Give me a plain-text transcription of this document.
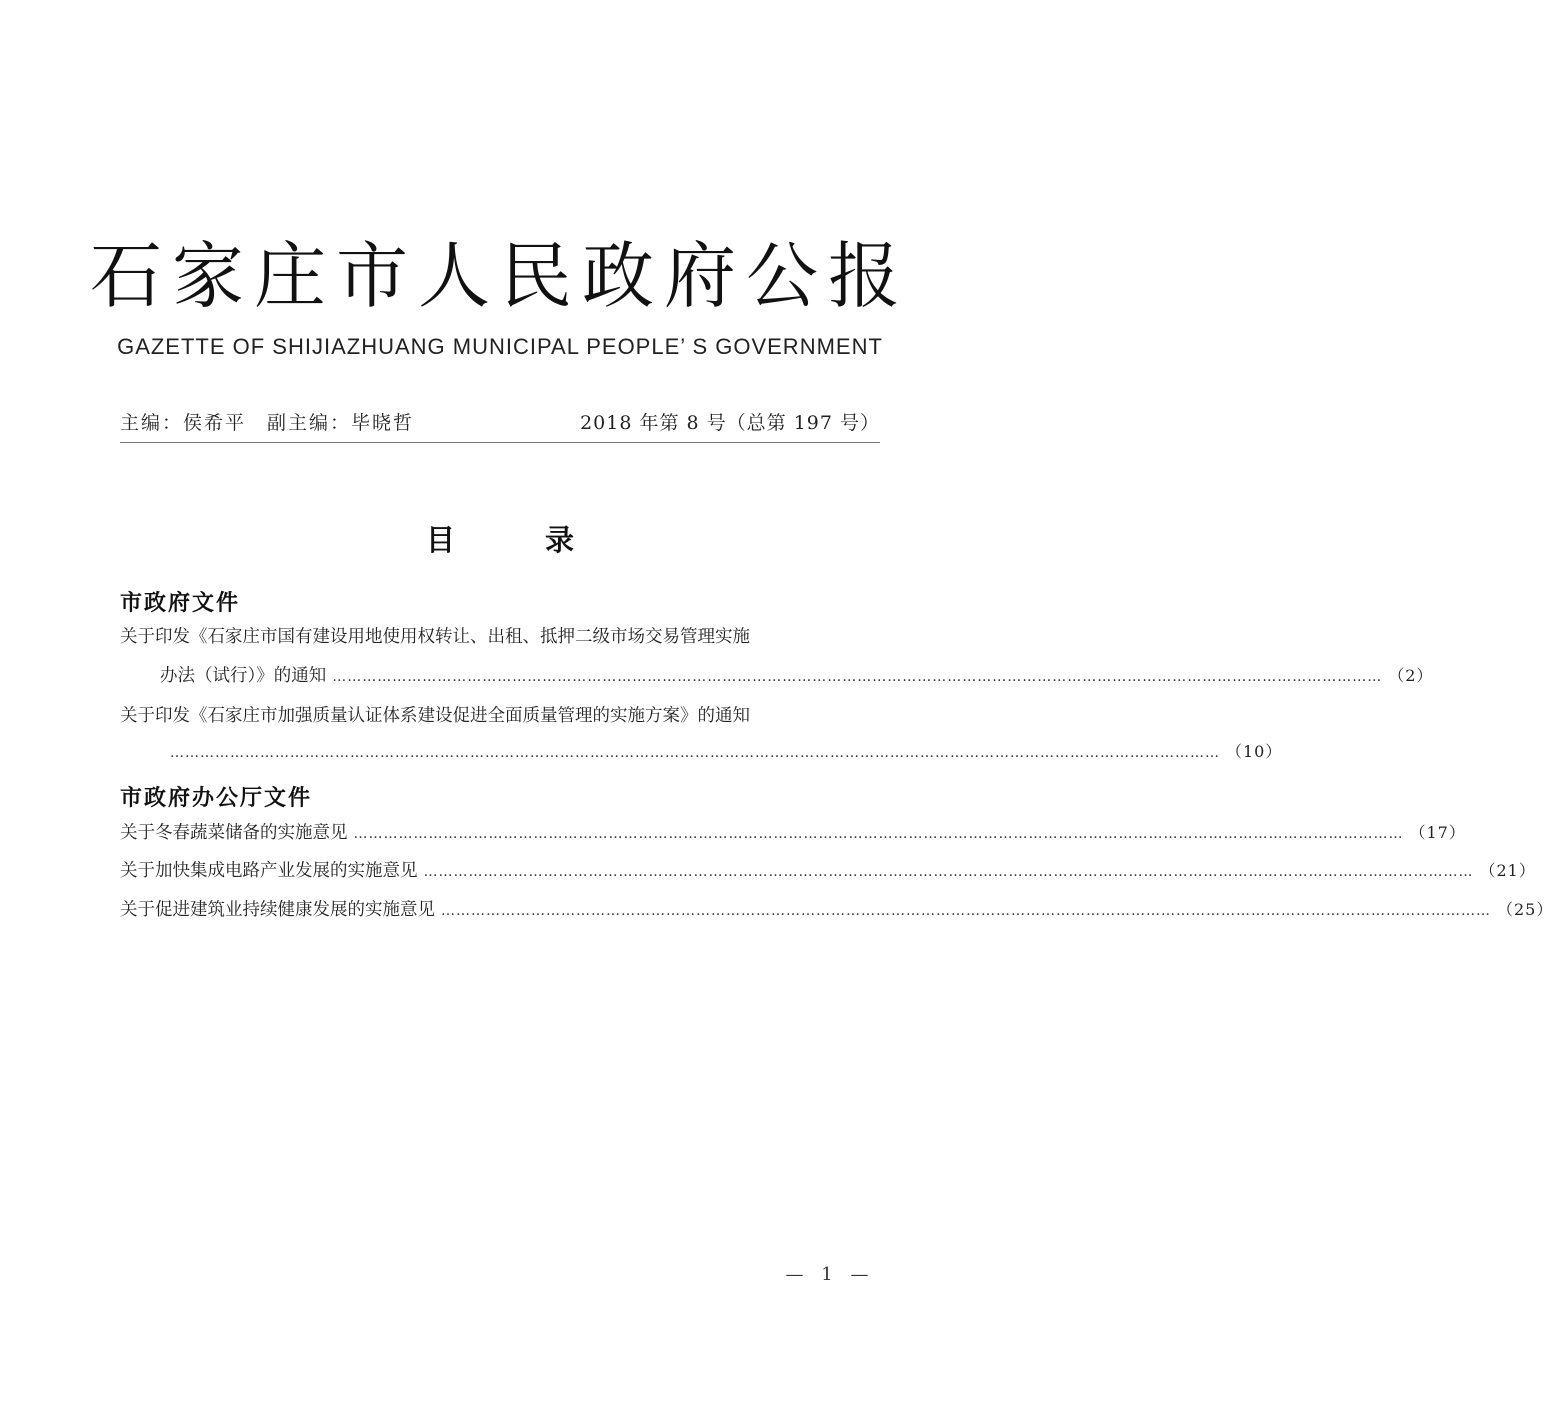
石家庄市人民政府公报
GAZETTE OF SHIJIAZHUANG MUNICIPAL PEOPLE’ S GOVERNMENT
主编：侯希平　副主编：毕晓哲	2018 年第 8 号（总第 197 号）
目录
市政府文件
关于印发《石家庄市国有建设用地使用权转让、出租、抵押二级市场交易管理实施
办法（试行）》的通知 ………………………………………………………………………………………………………………………………………………………………………………………… （2）
关于印发《石家庄市加强质量认证体系建设促进全面质量管理的实施方案》的通知
………………………………………………………………………………………………………………………………………………………………………………………… （10）
市政府办公厅文件
关于冬春蔬菜储备的实施意见 ………………………………………………………………………………………………………………………………………………………………………………………… （17）
关于加快集成电路产业发展的实施意见 ………………………………………………………………………………………………………………………………………………………………………………………… （21）
关于促进建筑业持续健康发展的实施意见 ………………………………………………………………………………………………………………………………………………………………………………………… （25）
— 1 —
